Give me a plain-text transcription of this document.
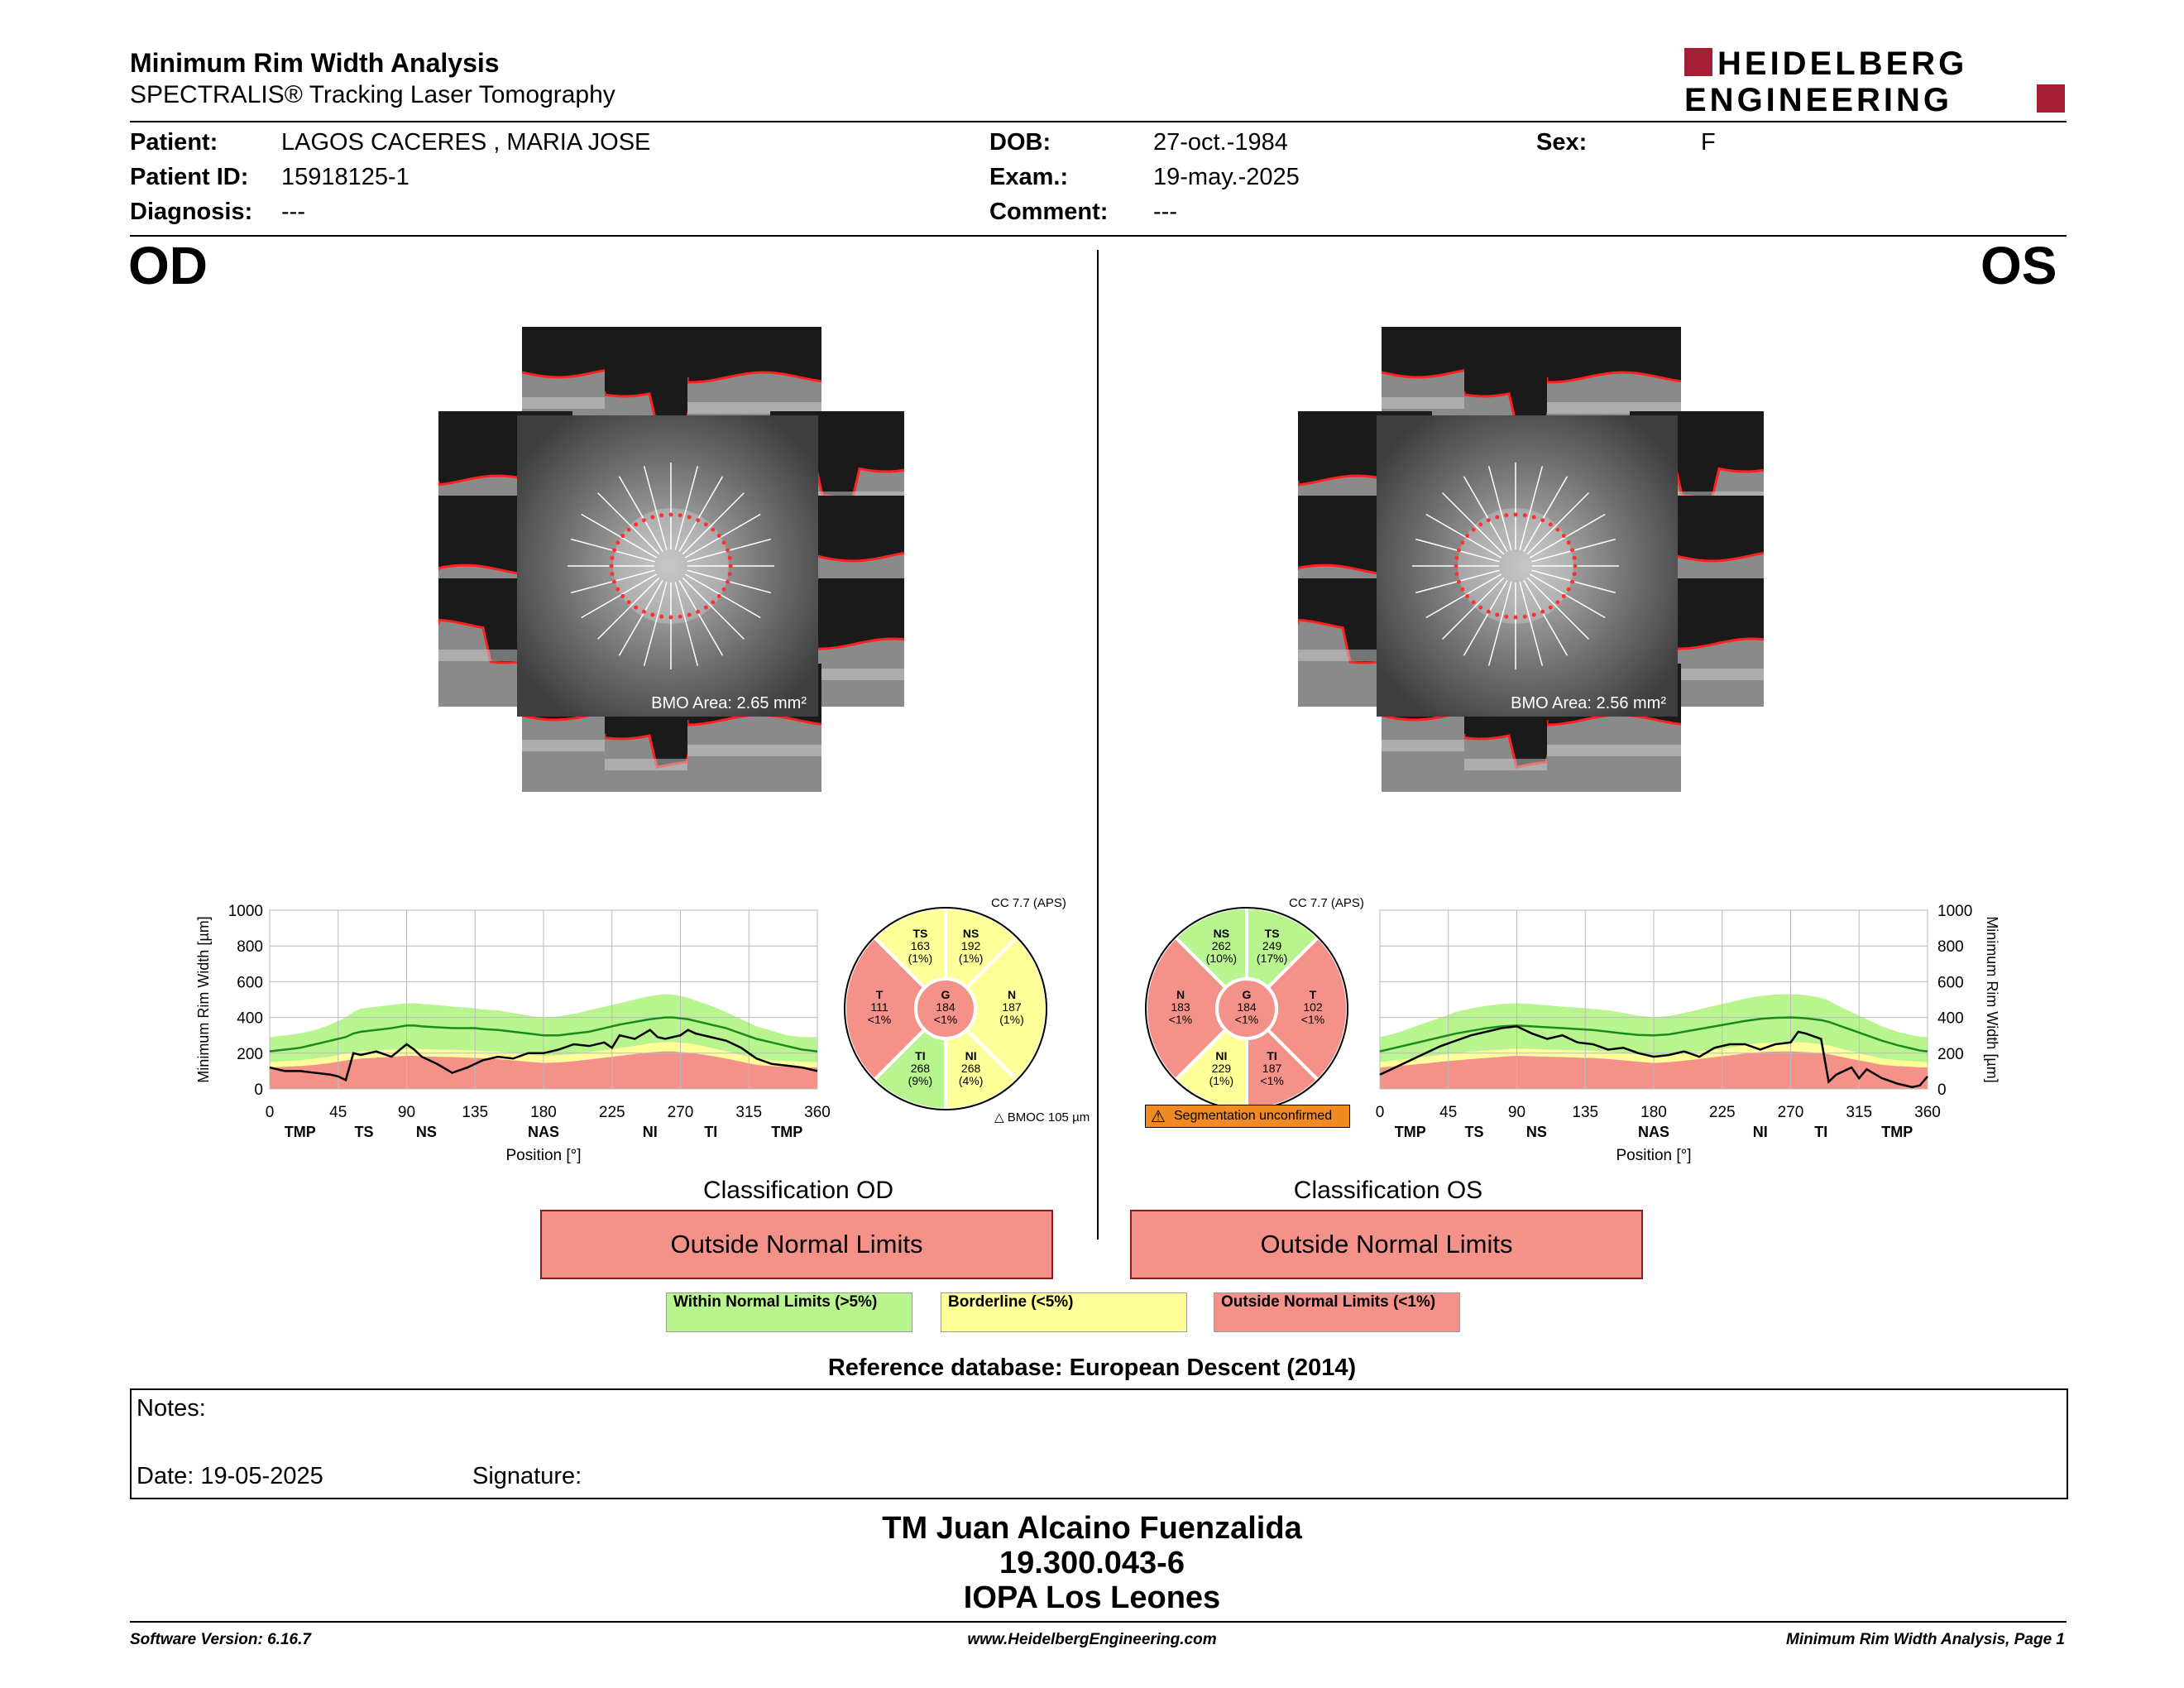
Minimum Rim Width Analysis
SPECTRALIS® Tracking Laser Tomography
HEIDELBERG
ENGINEERING
Patient:	LAGOS CACERES , MARIA JOSE
Patient ID: 15918125-1
Diagnosis: ---
DOB:	27-oct.-1984
Exam.:	19-may.-2025
Comment: ---
Sex:	F
OD	OS
BMO Area: 2.65 mm²	BMO Area: 2.56 mm²
0	45	90	135	180	225	270	315	360
0
200
400
600
800
1000
TMP	TS	NS	NAS	NI	TI	TMP
Position [°]
Minimum Rim Width [µm]
0	45	90	135	180	225	270	315	360
0
200
400
600
800
1000
TMP	TS	NS	NAS	NI	TI	TMP
Position [°]
Minimum Rim Width [µm]
CC 7.7 (APS)
NS
192
(1%)
TS
163
(1%)
T
111
<1%
TI
268
(9%)
NI
268
(4%)
N
187
(1%)
G
184
<1%
△ BMOC 105 µm
CC 7.7 (APS)
TS
249
(17%)
NS
262
(10%)
N
183
<1%
NI
229
(1%)
TI
187
<1%
T
102
<1%
G
184
<1%
⚠ Segmentation unconfirmed
Classification OD
Outside Normal Limits
Classification OS
Outside Normal Limits
Within Normal Limits (>5%)	Borderline (<5%)	Outside Normal Limits (<1%)
Reference database: European Descent (2014)
Notes:
Date: 19-05-2025	Signature:
TM Juan Alcaino Fuenzalida
19.300.043-6
IOPA Los Leones
Software Version: 6.16.7	www.HeidelbergEngineering.com	Minimum Rim Width Analysis, Page 1
